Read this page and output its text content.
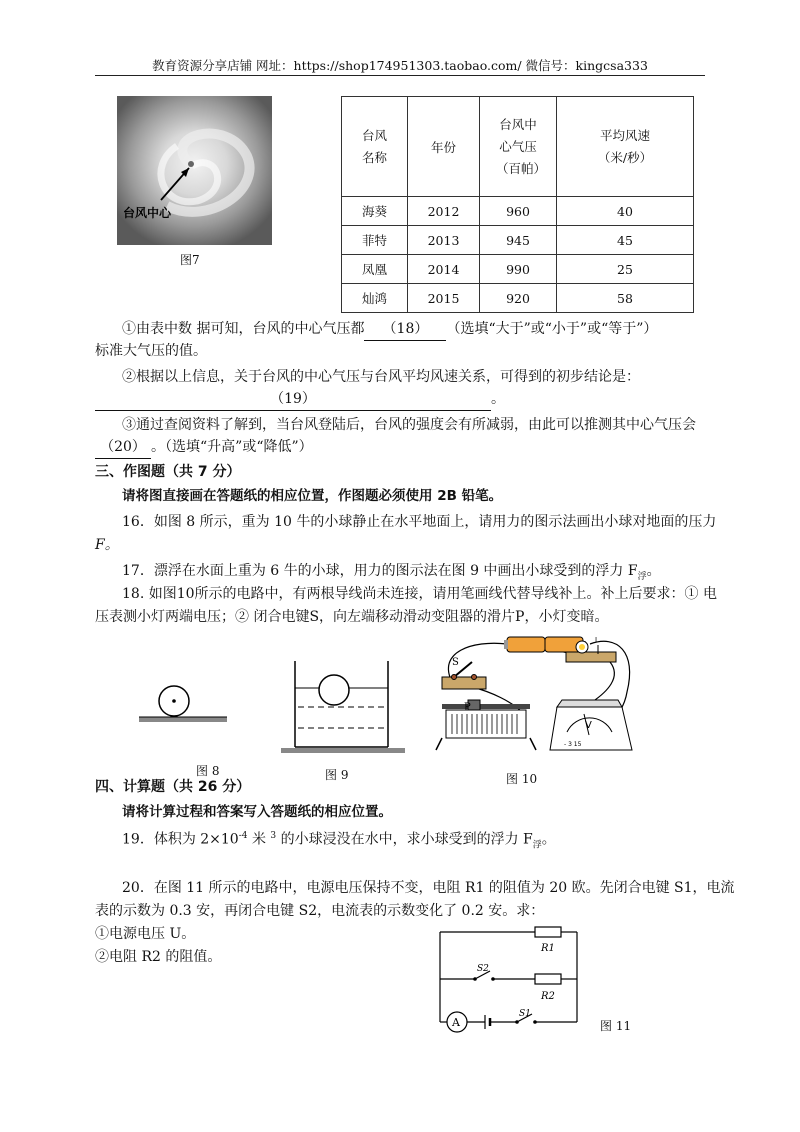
教育资源分享店铺 网址：https://shop174951303.taobao.com/ 微信号：kingcsa333
台风中心
图7
台风名称	年份	台风中心气压（百帕）	平均风速（米/秒）

海葵	2012	960	40
菲特	2013	945	45
凤凰	2014	990	25
灿鸿	2015	920	58
①由表中数 据可知，台风的中心气压都 （18） （选填“大于”或“小于”或“等于”）
标准大气压的值。
②根据以上信息，关于台风的中心气压与台风平均风速关系，可得到的初步结论是：
（19）	。
③通过查阅资料了解到，当台风登陆后，台风的强度会有所减弱，由此可以推测其中心气压会
（20） 。（选填“升高”或“降低”）
三、作图题（共 7 分）
请将图直接画在答题纸的相应位置，作图题必须使用 2B 铅笔。
16．如图 8 所示，重为 10 牛的小球静止在水平地面上，请用力的图示法画出小球对地面的压力
F。
17．漂浮在水面上重为 6 牛的小球，用力的图示法在图 9 中画出小球受到的浮力 $F_浮$。
18. 如图10所示的电路中，有两根导线尚未连接，请用笔画线代替导线补上。补上后要求：① 电
压表测小灯两端电压；② 闭合电键S，向左端移动滑动变阻器的滑片P，小灯变暗。
图 8	图 9
I
S
P
V
- 3 15
图 10
四、计算题（共 26 分）
请将计算过程和答案写入答题纸的相应位置。
19．体积为 $2\times 10^{-4}$ 米 $^3$ 的小球浸没在水中，求小球受到的浮力 $F_浮$。
20．在图 11 所示的电路中，电源电压保持不变，电阻 R1 的阻值为 20 欧。先闭合电键 S1，电流
表的示数为 0.3 安，再闭合电键 S2，电流表的示数变化了 0.2 安。求：
①电源电压 U。
②电阻 R2 的阻值。
R1
R2
S2
S1
A	图 11
